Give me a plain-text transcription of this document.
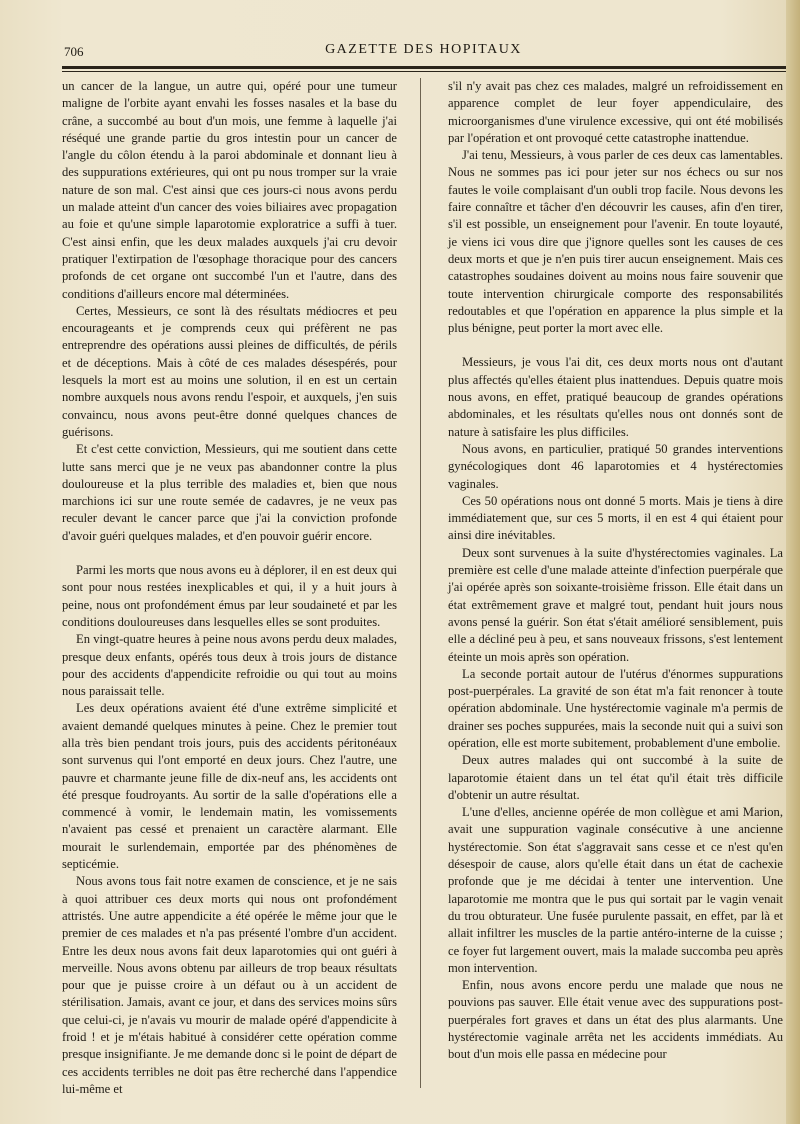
706	GAZETTE DES HOPITAUX

un cancer de la langue, un autre qui, opéré pour une tumeur maligne de l'orbite ayant envahi les fosses nasales et la base du crâne, a succombé au bout d'un mois, une femme à laquelle j'ai réséqué une grande partie du gros intestin pour un cancer de l'angle du côlon étendu à la paroi abdominale et donnant lieu à des suppurations extérieures, qui ont pu nous tromper sur la vraie nature de son mal. C'est ainsi que ces jours-ci nous avons perdu un malade atteint d'un cancer des voies biliaires avec propagation au foie et qu'une simple laparotomie exploratrice a suffi à tuer. C'est ainsi enfin, que les deux malades auxquels j'ai cru devoir pratiquer l'extirpation de l'œsophage thoracique pour des cancers profonds de cet organe ont succombé l'un et l'autre, dans des conditions d'ailleurs encore mal déterminées.

Certes, Messieurs, ce sont là des résultats médiocres et peu encourageants et je comprends ceux qui préfèrent ne pas entreprendre des opérations aussi pleines de difficultés, de périls et de déceptions. Mais à côté de ces malades désespérés, pour lesquels la mort est au moins une solution, il en est un certain nombre auxquels nous avons rendu l'espoir, et auxquels, j'en suis convaincu, nous avons peut-être donné quelques chances de guérisons.

Et c'est cette conviction, Messieurs, qui me soutient dans cette lutte sans merci que je ne veux pas abandonner contre la plus douloureuse et la plus terrible des maladies et, bien que nous marchions ici sur une route semée de cadavres, je ne veux pas reculer devant le cancer parce que j'ai la conviction profonde d'avoir guéri quelques malades, et d'en pouvoir guérir encore.

Parmi les morts que nous avons eu à déplorer, il en est deux qui sont pour nous restées inexplicables et qui, il y a huit jours à peine, nous ont profondément émus par leur soudaineté et par les conditions douloureuses dans lesquelles elles se sont produites.

En vingt-quatre heures à peine nous avons perdu deux malades, presque deux enfants, opérés tous deux à trois jours de distance pour des accidents d'appendicite refroidie ou qui tout au moins nous paraissait telle.

Les deux opérations avaient été d'une extrême simplicité et avaient demandé quelques minutes à peine. Chez le premier tout alla très bien pendant trois jours, puis des accidents péritonéaux sont survenus qui l'ont emporté en deux jours. Chez l'autre, une pauvre et charmante jeune fille de dix-neuf ans, les accidents ont été presque foudroyants. Au sortir de la salle d'opérations elle a commencé à vomir, le lendemain matin, les vomissements n'avaient pas cessé et prenaient un caractère alarmant. Elle mourait le surlendemain, emportée par des phénomènes de septicémie.

Nous avons tous fait notre examen de conscience, et je ne sais à quoi attribuer ces deux morts qui nous ont profondément attristés. Une autre appendicite a été opérée le même jour que le premier de ces malades et n'a pas présenté l'ombre d'un accident. Entre les deux nous avons fait deux laparotomies qui ont guéri à merveille. Nous avons obtenu par ailleurs de trop beaux résultats pour que je puisse croire à un défaut ou à un accident de stérilisation. Jamais, avant ce jour, et dans des services moins sûrs que celui-ci, je n'avais vu mourir de malade opéré d'appendicite à froid ! et je m'étais habitué à considérer cette opération comme presque insignifiante. Je me demande donc si le point de départ de ces accidents terribles ne doit pas être recherché dans l'appendice lui-même et

s'il n'y avait pas chez ces malades, malgré un refroidissement en apparence complet de leur foyer appendiculaire, des microorganismes d'une virulence excessive, qui ont été mobilisés par l'opération et ont provoqué cette catastrophe inattendue.

J'ai tenu, Messieurs, à vous parler de ces deux cas lamentables. Nous ne sommes pas ici pour jeter sur nos échecs ou sur nos fautes le voile complaisant d'un oubli trop facile. Nous devons les faire connaître et tâcher d'en découvrir les causes, afin d'en tirer, s'il est possible, un enseignement pour l'avenir. En toute loyauté, je viens ici vous dire que j'ignore quelles sont les causes de ces deux morts et que je n'en puis tirer aucun enseignement. Mais ces catastrophes soudaines doivent au moins nous faire souvenir que toute intervention chirurgicale comporte des responsabilités redoutables et que l'opération en apparence la plus simple et la plus bénigne, peut porter la mort avec elle.

Messieurs, je vous l'ai dit, ces deux morts nous ont d'autant plus affectés qu'elles étaient plus inattendues. Depuis quatre mois nous avons, en effet, pratiqué beaucoup de grandes opérations abdominales, et les résultats qu'elles nous ont donnés sont de nature à satisfaire les plus difficiles.

Nous avons, en particulier, pratiqué 50 grandes interventions gynécologiques dont 46 laparotomies et 4 hystérectomies vaginales.

Ces 50 opérations nous ont donné 5 morts. Mais je tiens à dire immédiatement que, sur ces 5 morts, il en est 4 qui étaient pour ainsi dire inévitables.

Deux sont survenues à la suite d'hystérectomies vaginales. La première est celle d'une malade atteinte d'infection puerpérale que j'ai opérée après son soixante-troisième frisson. Elle était dans un état extrêmement grave et malgré tout, pendant huit jours nous avons pensé la guérir. Son état s'était amélioré sensiblement, puis elle a décliné peu à peu, et sans nouveaux frissons, s'est lentement éteinte un mois après son opération.

La seconde portait autour de l'utérus d'énormes suppurations post-puerpérales. La gravité de son état m'a fait renoncer à toute opération abdominale. Une hystérectomie vaginale m'a permis de drainer ses poches suppurées, mais la seconde nuit qui a suivi son opération, elle est morte subitement, probablement d'une embolie.

Deux autres malades qui ont succombé à la suite de laparotomie étaient dans un tel état qu'il était très difficile d'obtenir un autre résultat.

L'une d'elles, ancienne opérée de mon collègue et ami Marion, avait une suppuration vaginale consécutive à une ancienne hystérectomie. Son état s'aggravait sans cesse et ce n'est qu'en désespoir de cause, alors qu'elle était dans un état de cachexie profonde que je me décidai à tenter une intervention. Une laparotomie me montra que le pus qui sortait par le vagin venait du trou obturateur. Une fusée purulente passait, en effet, par là et allait infiltrer les muscles de la partie antéro-interne de la cuisse ; ce foyer fut largement ouvert, mais la malade succomba peu après mon intervention.

Enfin, nous avons encore perdu une malade que nous ne pouvions pas sauver. Elle était venue avec des suppurations post-puerpérales fort graves et dans un état des plus alarmants. Une hystérectomie vaginale arrêta net les accidents immédiats. Au bout d'un mois elle passa en médecine pour
